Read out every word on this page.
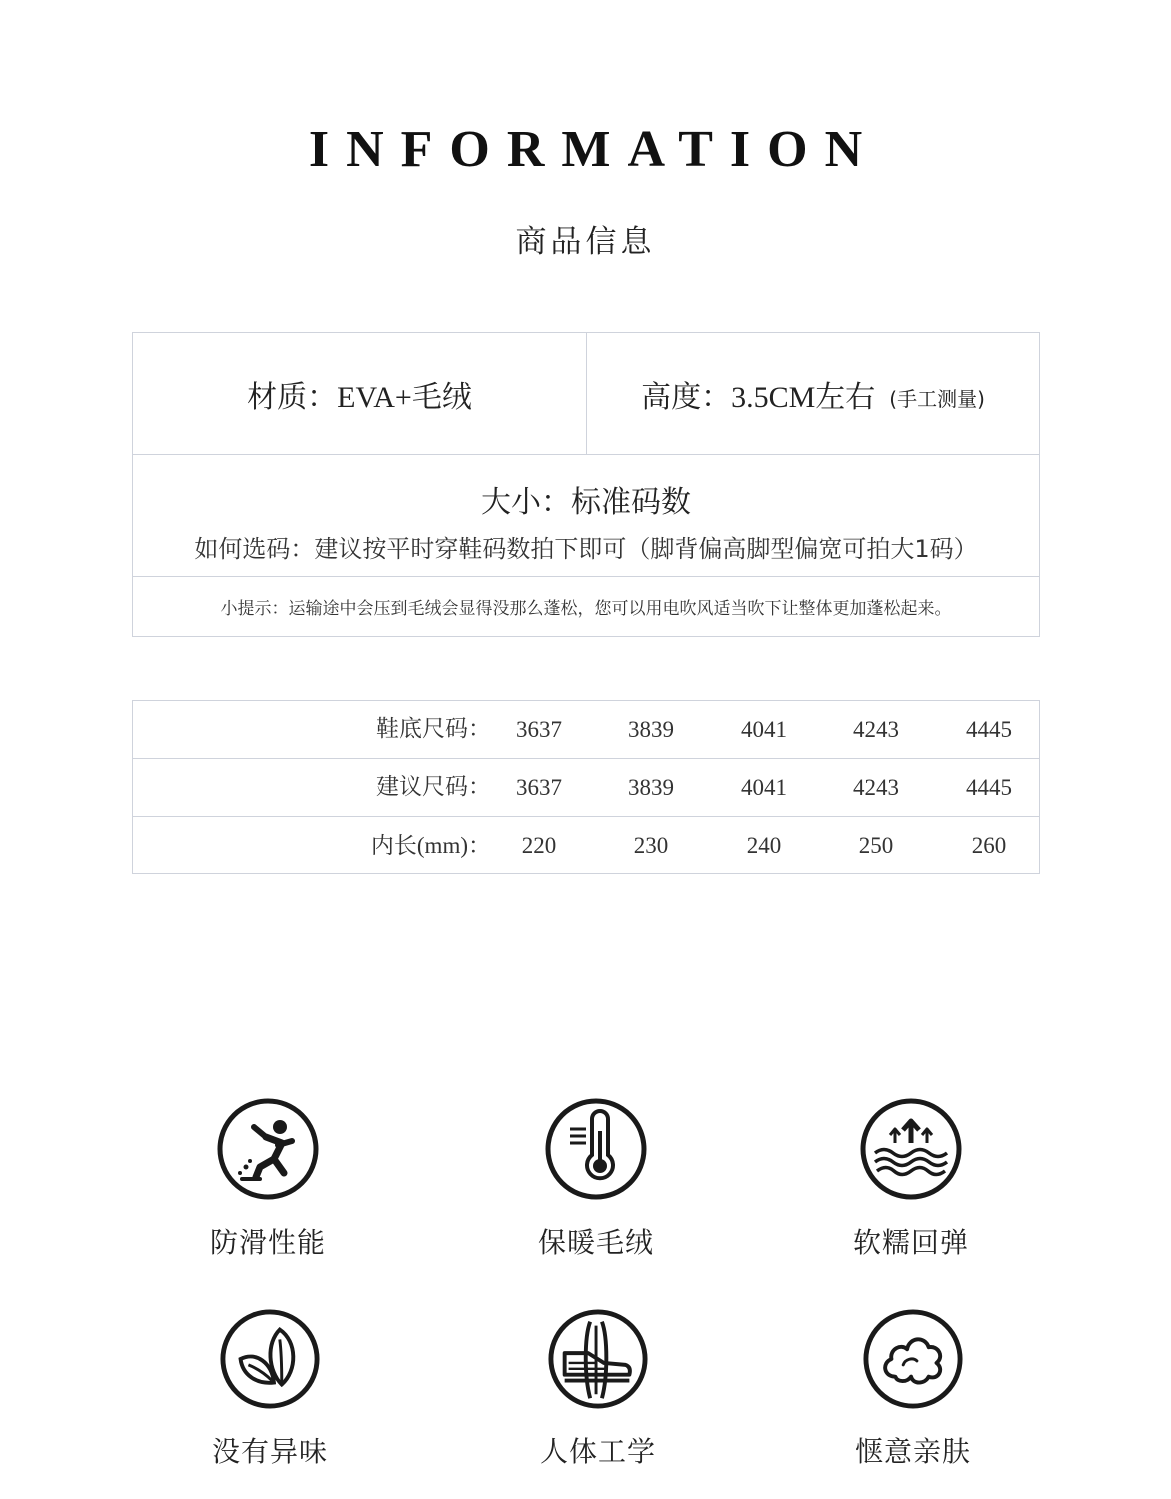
INFORMATION
商品信息
材质： EVA+毛绒	高度： 3.5CM左右 (手工测量)
大小：标准码数
如何选码：建议按平时穿鞋码数拍下即可（脚背偏高脚型偏宽可拍大1码）
小提示：运输途中会压到毛绒会显得没那么蓬松，您可以用电吹风适当吹下让整体更加蓬松起来。
鞋底尺码：	3637	3839	4041	4243	4445
建议尺码：	3637	3839	4041	4243	4445
内长(mm)：	220	230	240	250	260
防滑性能	保暖毛绒	软糯回弹
没有异味	人体工学	惬意亲肤
